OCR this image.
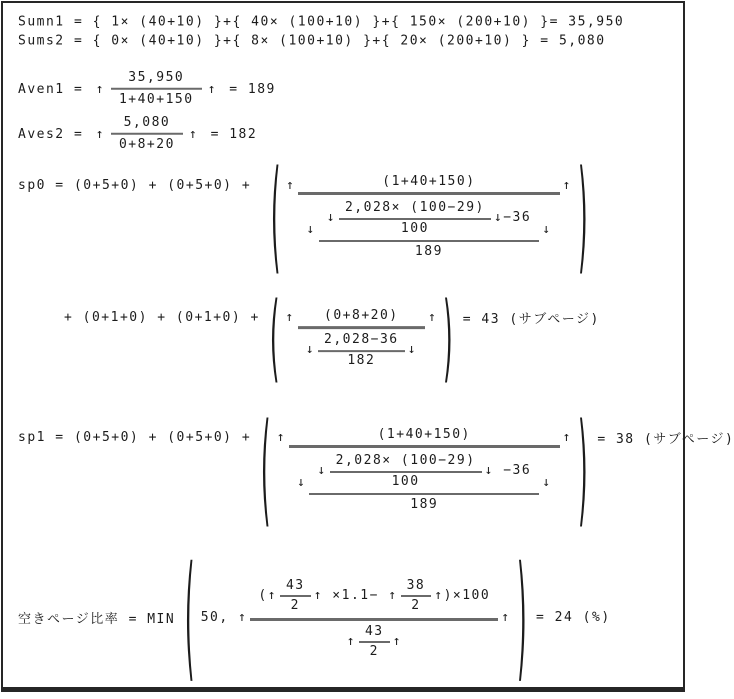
Sumn1 = { 1× (40+10) }+{ 40× (100+10) }+{ 150× (200+10) }= 35,950
Sums2 = { 0× (40+10) }+{ 8× (100+10) }+{ 20× (200+10) } = 5,080
Aven1 = ↑ $\frac{35,950}{1+40+150}$ ↑ = 189
Aves2 = ↑ $\frac{5,080}{0+8+20}$ ↑ = 182
sp0 = (0+5+0) + (0+5+0) + ( ↑	(1+40+150)
↓
↓ $\frac{2,028\times (100-29)}{100}$ ↓ −36
189
↓
↑ )
+ (0+1+0) + (0+1+0) + ( ↑	(0+8+20)
↓ $\frac{2,028-36}{182}$ ↓
↑ ) = 43 (サブページ)
sp1 = (0+5+0) + (0+5+0) + ( ↑	(1+40+150)
↓
↓ $\frac{2,028\times (100-29)}{100}$ ↓ −36
189
↓
↑ ) = 38 (サブページ)
空きページ比率 = MIN ( 50, ↑
( ↑ $\frac{43}{2}$ ↑ ×1.1− ↑ $\frac{38}{2}$ ↑ )×100
↑ $\frac{43}{2}$ ↑
↑ ) = 24 (%)
